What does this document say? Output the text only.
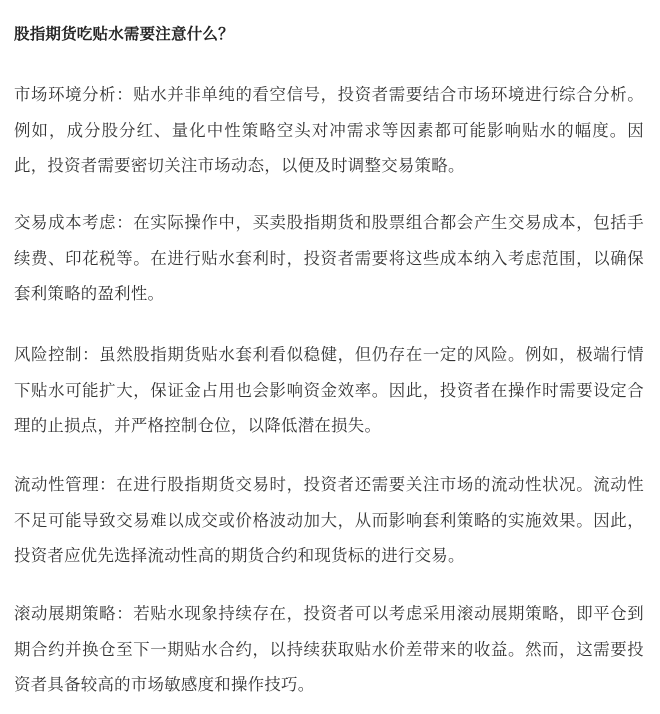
股指期货吃贴水需要注意什么？

市场环境分析：贴水并非单纯的看空信号，投资者需要结合市场环境进行综合分析。例如，成分股分红、量化中性策略空头对冲需求等因素都可能影响贴水的幅度。因此，投资者需要密切关注市场动态，以便及时调整交易策略。

交易成本考虑：在实际操作中，买卖股指期货和股票组合都会产生交易成本，包括手续费、印花税等。在进行贴水套利时，投资者需要将这些成本纳入考虑范围，以确保套利策略的盈利性。

风险控制：虽然股指期货贴水套利看似稳健，但仍存在一定的风险。例如，极端行情下贴水可能扩大，保证金占用也会影响资金效率。因此，投资者在操作时需要设定合理的止损点，并严格控制仓位，以降低潜在损失。

流动性管理：在进行股指期货交易时，投资者还需要关注市场的流动性状况。流动性不足可能导致交易难以成交或价格波动加大，从而影响套利策略的实施效果。因此，投资者应优先选择流动性高的期货合约和现货标的进行交易。

滚动展期策略：若贴水现象持续存在，投资者可以考虑采用滚动展期策略，即平仓到期合约并换仓至下一期贴水合约，以持续获取贴水价差带来的收益。然而，这需要投资者具备较高的市场敏感度和操作技巧。
